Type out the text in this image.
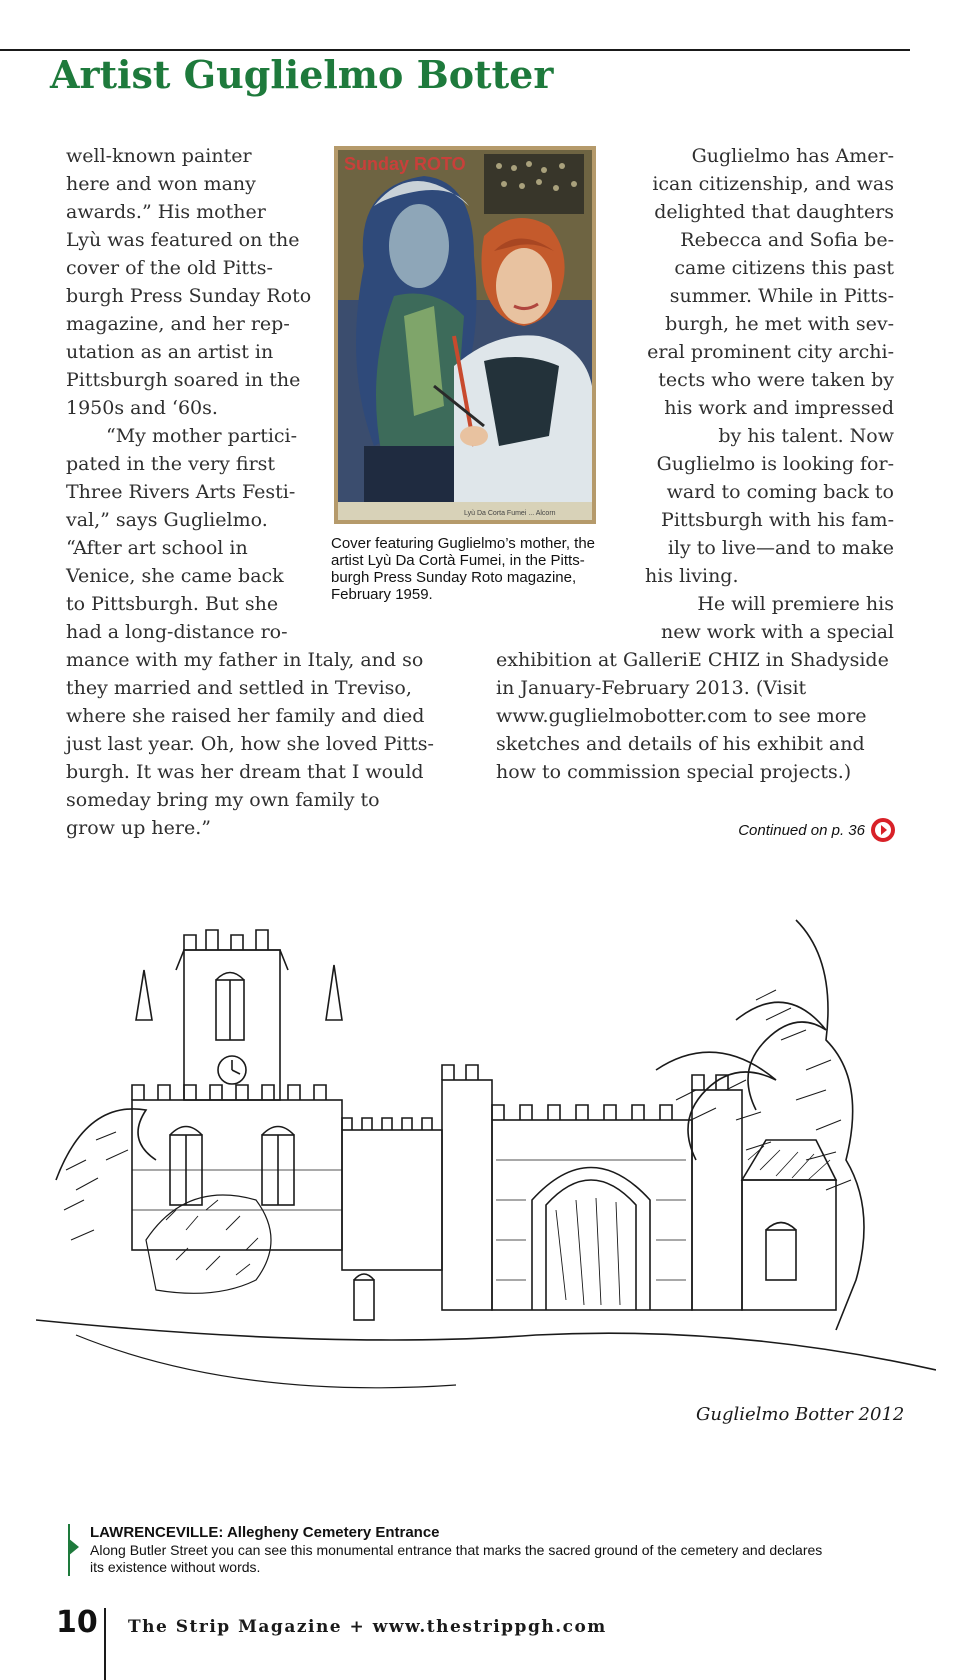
Artist Guglielmo Botter
well-known painter
here and won many
awards.” His mother
Lyù was featured on the
cover of the old Pitts-
burgh Press Sunday Roto
magazine, and her rep-
utation as an artist in
Pittsburgh soared in the
1950s and ‘60s.
“My mother partici-
pated in the very first
Three Rivers Arts Festi-
val,” says Guglielmo.
“After art school in
Venice, she came back
to Pittsburgh. But she
had a long-distance ro-
mance with my father in Italy, and so
they married and settled in Treviso,
where she raised her family and died
just last year. Oh, how she loved Pitts-
burgh. It was her dream that I would
someday bring my own family to
grow up here.”
Guglielmo has Amer-
ican citizenship, and was
delighted that daughters
Rebecca and Sofia be-
came citizens this past
summer. While in Pitts-
burgh, he met with sev-
eral prominent city archi-
tects who were taken by
his work and impressed
by his talent. Now
Guglielmo is looking for-
ward to coming back to
Pittsburgh with his fam-
ily to live—and to make
his living.
He will premiere his
new work with a special
exhibition at GalleriE CHIZ in Shadyside
in January-February 2013. (Visit
www.guglielmobotter.com to see more
sketches and details of his exhibit and
how to commission special projects.)
Sunday ROTO
Lyù Da Corta Fumei ... Alcorn

Cover featuring Guglielmo’s mother, the
artist Lyù Da Cortà Fumei, in the Pitts-
burgh Press Sunday Roto magazine,
February 1959.

Continued on p. 36
Guglielmo Botter 2012
LAWRENCEVILLE: Allegheny Cemetery Entrance
Along Butler Street you can see this monumental entrance that marks the sacred ground of the cemetery and declares
its existence without words.
10 The Strip Magazine + www.thestrippgh.com
